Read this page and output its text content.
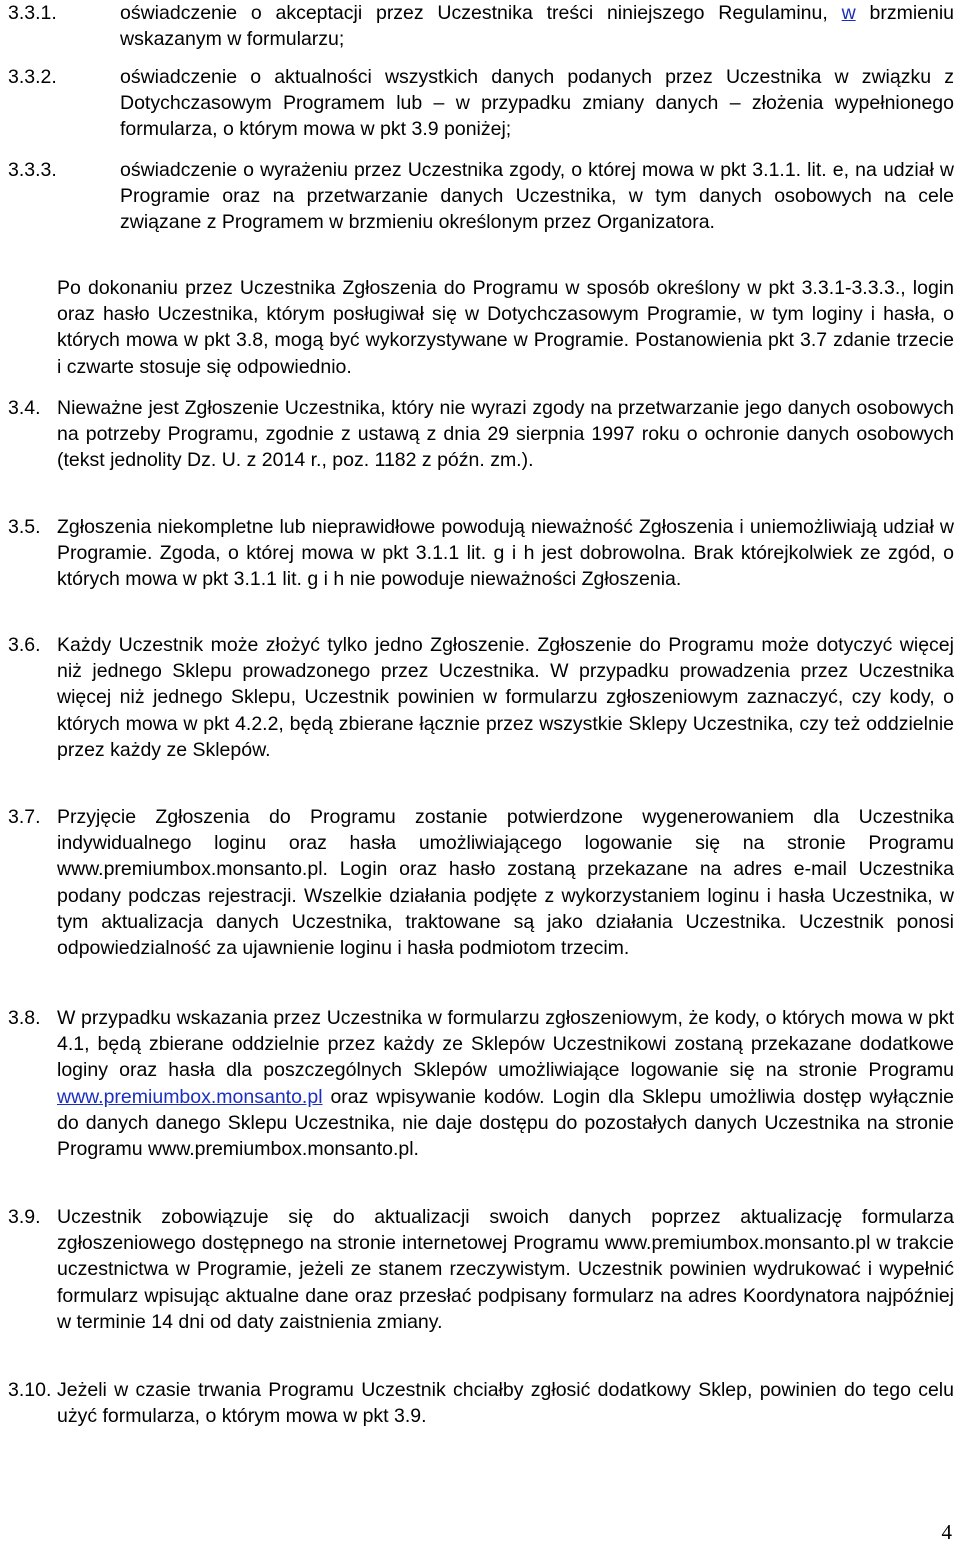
3.3.1.	oświadczenie o akceptacji przez Uczestnika treści niniejszego Regulaminu, w brzmieniu wskazanym w formularzu;
3.3.2.	oświadczenie o aktualności wszystkich danych podanych przez Uczestnika w związku z Dotychczasowym Programem lub – w przypadku zmiany danych – złożenia wypełnionego formularza, o którym mowa w pkt 3.9 poniżej;
3.3.3.	oświadczenie o wyrażeniu przez Uczestnika zgody, o której mowa w pkt 3.1.1. lit. e, na udział w Programie oraz na przetwarzanie danych Uczestnika, w tym danych osobowych na cele związane z Programem w brzmieniu określonym przez Organizatora.
Po dokonaniu przez Uczestnika Zgłoszenia do Programu w sposób określony w pkt 3.3.1-3.3.3., login oraz hasło Uczestnika, którym posługiwał się w Dotychczasowym Programie, w tym loginy i hasła, o których mowa w pkt 3.8, mogą być wykorzystywane w Programie. Postanowienia pkt 3.7 zdanie trzecie i czwarte stosuje się odpowiednio.
3.4. Nieważne jest Zgłoszenie Uczestnika, który nie wyrazi zgody na przetwarzanie jego danych osobowych na potrzeby Programu, zgodnie z ustawą z dnia 29 sierpnia 1997 roku o ochronie danych osobowych (tekst jednolity Dz. U. z 2014 r., poz. 1182 z późn. zm.).
3.5. Zgłoszenia niekompletne lub nieprawidłowe powodują nieważność Zgłoszenia i uniemożliwiają udział w Programie. Zgoda, o której mowa w pkt 3.1.1 lit. g i h jest dobrowolna. Brak którejkolwiek ze zgód, o których mowa w pkt 3.1.1 lit. g i h nie powoduje nieważności Zgłoszenia.
3.6. Każdy Uczestnik może złożyć tylko jedno Zgłoszenie. Zgłoszenie do Programu może dotyczyć więcej niż jednego Sklepu prowadzonego przez Uczestnika. W przypadku prowadzenia przez Uczestnika więcej niż jednego Sklepu, Uczestnik powinien w formularzu zgłoszeniowym zaznaczyć, czy kody, o których mowa w pkt 4.2.2, będą zbierane łącznie przez wszystkie Sklepy Uczestnika, czy też oddzielnie przez każdy ze Sklepów.
3.7. Przyjęcie Zgłoszenia do Programu zostanie potwierdzone wygenerowaniem dla Uczestnika indywidualnego loginu oraz hasła umożliwiającego logowanie się na stronie Programu www.premiumbox.monsanto.pl. Login oraz hasło zostaną przekazane na adres e-mail Uczestnika podany podczas rejestracji. Wszelkie działania podjęte z wykorzystaniem loginu i hasła Uczestnika, w tym aktualizacja danych Uczestnika, traktowane są jako działania Uczestnika. Uczestnik ponosi odpowiedzialność za ujawnienie loginu i hasła podmiotom trzecim.
3.8. W przypadku wskazania przez Uczestnika w formularzu zgłoszeniowym, że kody, o których mowa w pkt 4.1, będą zbierane oddzielnie przez każdy ze Sklepów Uczestnikowi zostaną przekazane dodatkowe loginy oraz hasła dla poszczególnych Sklepów umożliwiające logowanie się na stronie Programu www.premiumbox.monsanto.pl oraz wpisywanie kodów. Login dla Sklepu umożliwia dostęp wyłącznie do danych danego Sklepu Uczestnika, nie daje dostępu do pozostałych danych Uczestnika na stronie Programu www.premiumbox.monsanto.pl.
3.9. Uczestnik zobowiązuje się do aktualizacji swoich danych poprzez aktualizację formularza zgłoszeniowego dostępnego na stronie internetowej Programu www.premiumbox.monsanto.pl w trakcie uczestnictwa w Programie, jeżeli ze stanem rzeczywistym. Uczestnik powinien wydrukować i wypełnić formularz wpisując aktualne dane oraz przesłać podpisany formularz na adres Koordynatora najpóźniej w terminie 14 dni od daty zaistnienia zmiany.
3.10. Jeżeli w czasie trwania Programu Uczestnik chciałby zgłosić dodatkowy Sklep, powinien do tego celu użyć formularza, o którym mowa w pkt 3.9.
4
